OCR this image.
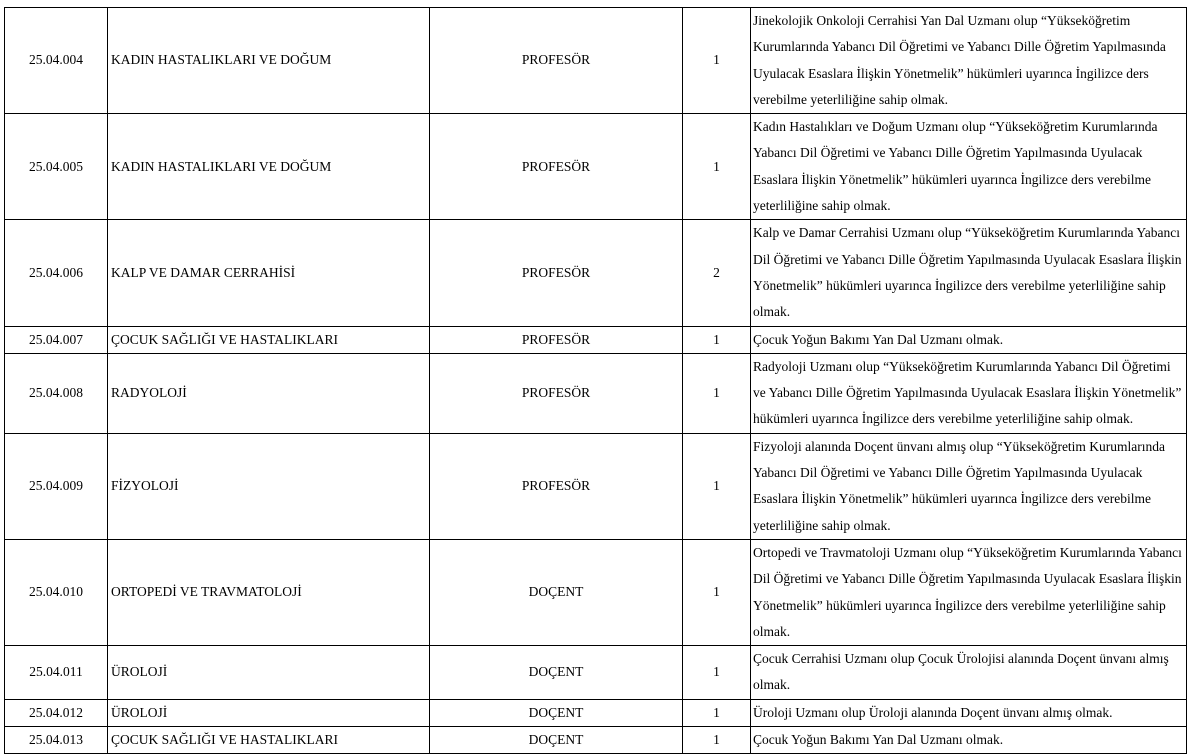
25.04.004	KADIN HASTALIKLARI VE DOĞUM	PROFESÖR	1	Jinekolojik Onkoloji Cerrahisi Yan Dal Uzmanı olup “Yükseköğretim Kurumlarında Yabancı Dil Öğretimi ve Yabancı Dille Öğretim Yapılmasında Uyulacak Esaslara İlişkin Yönetmelik” hükümleri uyarınca İngilizce ders verebilme yeterliliğine sahip olmak.
25.04.005	KADIN HASTALIKLARI VE DOĞUM	PROFESÖR	1	Kadın Hastalıkları ve Doğum Uzmanı olup “Yükseköğretim Kurumlarında Yabancı Dil Öğretimi ve Yabancı Dille Öğretim Yapılmasında Uyulacak Esaslara İlişkin Yönetmelik” hükümleri uyarınca İngilizce ders verebilme yeterliliğine sahip olmak.
25.04.006	KALP VE DAMAR CERRAHİSİ	PROFESÖR	2	Kalp ve Damar Cerrahisi Uzmanı olup “Yükseköğretim Kurumlarında Yabancı Dil Öğretimi ve Yabancı Dille Öğretim Yapılmasında Uyulacak Esaslara İlişkin Yönetmelik” hükümleri uyarınca İngilizce ders verebilme yeterliliğine sahip olmak.
25.04.007	ÇOCUK SAĞLIĞI VE HASTALIKLARI	PROFESÖR	1	Çocuk Yoğun Bakımı Yan Dal Uzmanı olmak.
25.04.008	RADYOLOJİ	PROFESÖR	1	Radyoloji Uzmanı olup “Yükseköğretim Kurumlarında Yabancı Dil Öğretimi ve Yabancı Dille Öğretim Yapılmasında Uyulacak Esaslara İlişkin Yönetmelik” hükümleri uyarınca İngilizce ders verebilme yeterliliğine sahip olmak.
25.04.009	FİZYOLOJİ	PROFESÖR	1	Fizyoloji alanında Doçent ünvanı almış olup “Yükseköğretim Kurumlarında Yabancı Dil Öğretimi ve Yabancı Dille Öğretim Yapılmasında Uyulacak Esaslara İlişkin Yönetmelik” hükümleri uyarınca İngilizce ders verebilme yeterliliğine sahip olmak.
25.04.010	ORTOPEDİ VE TRAVMATOLOJİ	DOÇENT	1	Ortopedi ve Travmatoloji Uzmanı olup “Yükseköğretim Kurumlarında Yabancı Dil Öğretimi ve Yabancı Dille Öğretim Yapılmasında Uyulacak Esaslara İlişkin Yönetmelik” hükümleri uyarınca İngilizce ders verebilme yeterliliğine sahip olmak.
25.04.011	ÜROLOJİ	DOÇENT	1	Çocuk Cerrahisi Uzmanı olup Çocuk Ürolojisi alanında Doçent ünvanı almış olmak.
25.04.012	ÜROLOJİ	DOÇENT	1	Üroloji Uzmanı olup Üroloji alanında Doçent ünvanı almış olmak.
25.04.013	ÇOCUK SAĞLIĞI VE HASTALIKLARI	DOÇENT	1	Çocuk Yoğun Bakımı Yan Dal Uzmanı olmak.
